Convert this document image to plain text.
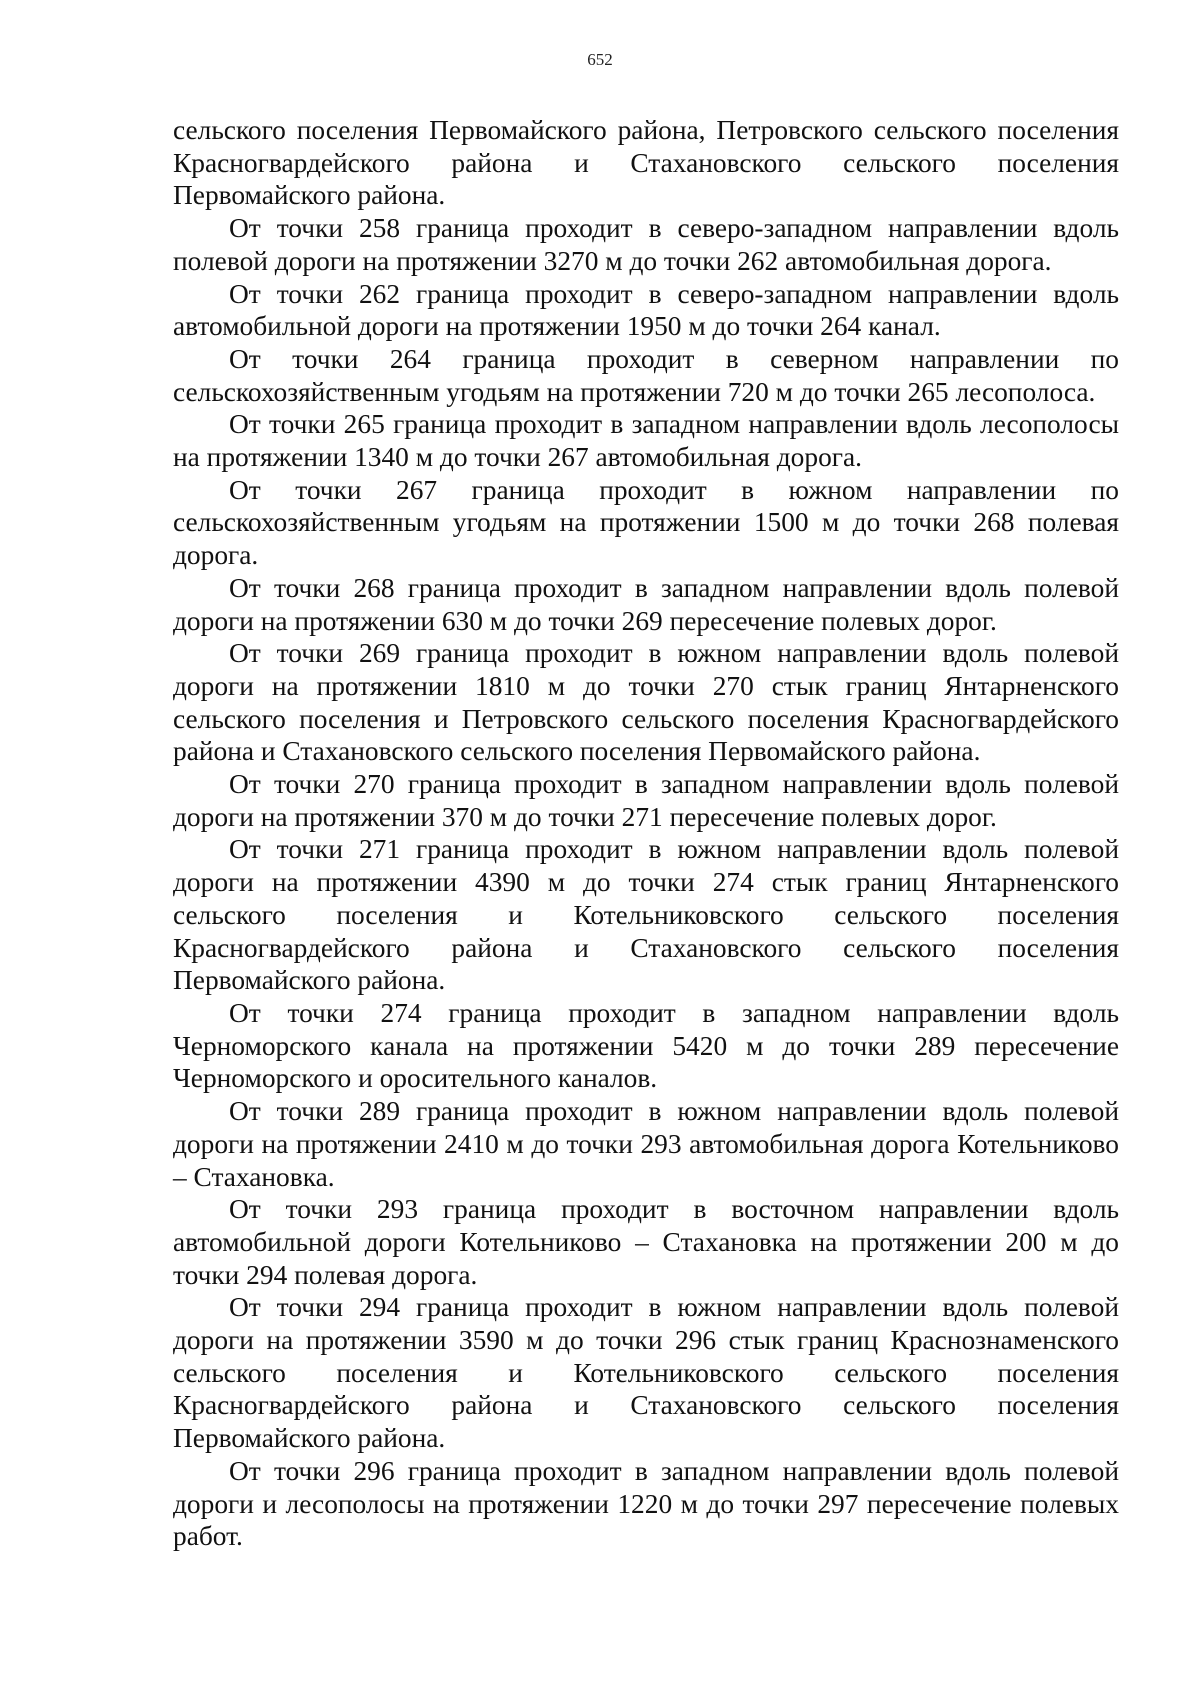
652

сельского поселения Первомайского района, Петровского сельского поселения Красногвардейского района и Стахановского сельского поселения Первомайского района.

От точки 258 граница проходит в северо-западном направлении вдоль полевой дороги на протяжении 3270 м до точки 262 автомобильная дорога.

От точки 262 граница проходит в северо-западном направлении вдоль автомобильной дороги на протяжении 1950 м до точки 264 канал.

От точки 264 граница проходит в северном направлении по сельскохозяйственным угодьям на протяжении 720 м до точки 265 лесополоса.

От точки 265 граница проходит в западном направлении вдоль лесополосы на протяжении 1340 м до точки 267 автомобильная дорога.

От точки 267 граница проходит в южном направлении по сельскохозяйственным угодьям на протяжении 1500 м до точки 268 полевая дорога.

От точки 268 граница проходит в западном направлении вдоль полевой дороги на протяжении 630 м до точки 269 пересечение полевых дорог.

От точки 269 граница проходит в южном направлении вдоль полевой дороги на протяжении 1810 м до точки 270 стык границ Янтарненского сельского поселения и Петровского сельского поселения Красногвардейского района и Стахановского сельского поселения Первомайского района.

От точки 270 граница проходит в западном направлении вдоль полевой дороги на протяжении 370 м до точки 271 пересечение полевых дорог.

От точки 271 граница проходит в южном направлении вдоль полевой дороги на протяжении 4390 м до точки 274 стык границ Янтарненского сельского поселения и Котельниковского сельского поселения Красногвардейского района и Стахановского сельского поселения Первомайского района.

От точки 274 граница проходит в западном направлении вдоль Черноморского канала на протяжении 5420 м до точки 289 пересечение Черноморского и оросительного каналов.

От точки 289 граница проходит в южном направлении вдоль полевой дороги на протяжении 2410 м до точки 293 автомобильная дорога Котельниково – Стахановка.

От точки 293 граница проходит в восточном направлении вдоль автомобильной дороги Котельниково – Стахановка на протяжении 200 м до точки 294 полевая дорога.

От точки 294 граница проходит в южном направлении вдоль полевой дороги на протяжении 3590 м до точки 296 стык границ Краснознаменского сельского поселения и Котельниковского сельского поселения Красногвардейского района и Стахановского сельского поселения Первомайского района.

От точки 296 граница проходит в западном направлении вдоль полевой дороги и лесополосы на протяжении 1220 м до точки 297 пересечение полевых работ.
